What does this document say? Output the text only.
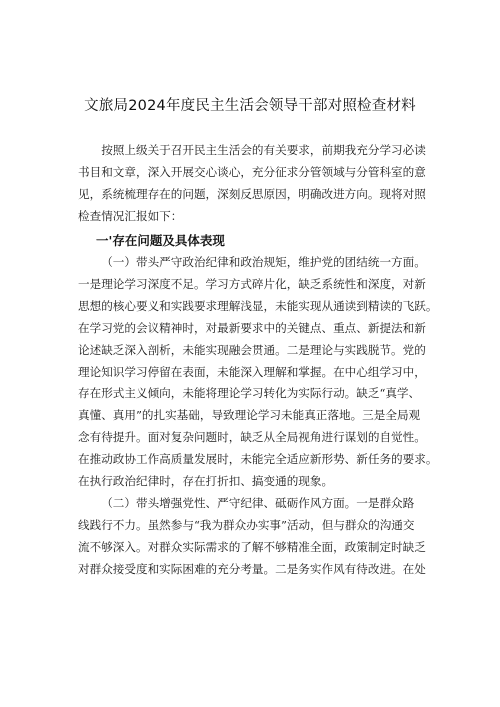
文旅局2024年度民主生活会领导干部对照检查材料
按照上级关于召开民主生活会的有关要求，前期我充分学习必读
书目和文章，深入开展交心谈心，充分征求分管领域与分管科室的意
见，系统梳理存在的问题，深刻反思原因，明确改进方向。现将对照
检查情况汇报如下：
一'存在问题及具体表现
（一）带头严守政治纪律和政治规矩，维护党的团结统一方面。
一是理论学习深度不足。学习方式碎片化，缺乏系统性和深度，对新
思想的核心要义和实践要求理解浅显，未能实现从通读到精读的飞跃。
在学习党的会议精神时，对最新要求中的关键点、重点、新提法和新
论述缺乏深入剖析，未能实现融会贯通。二是理论与实践脱节。党的
理论知识学习停留在表面，未能深入理解和掌握。在中心组学习中，
存在形式主义倾向，未能将理论学习转化为实际行动。缺乏“真学、
真懂、真用”的扎实基础，导致理论学习未能真正落地。三是全局观
念有待提升。面对复杂问题时，缺乏从全局视角进行谋划的自觉性。
在推动政协工作高质量发展时，未能完全适应新形势、新任务的要求。
在执行政治纪律时，存在打折扣、搞变通的现象。
（二）带头增强党性、严守纪律、砥砺作风方面。一是群众路
线践行不力。虽然参与“我为群众办实事”活动，但与群众的沟通交
流不够深入。对群众实际需求的了解不够精准全面，政策制定时缺乏
对群众接受度和实际困难的充分考量。二是务实作风有待改进。在处
